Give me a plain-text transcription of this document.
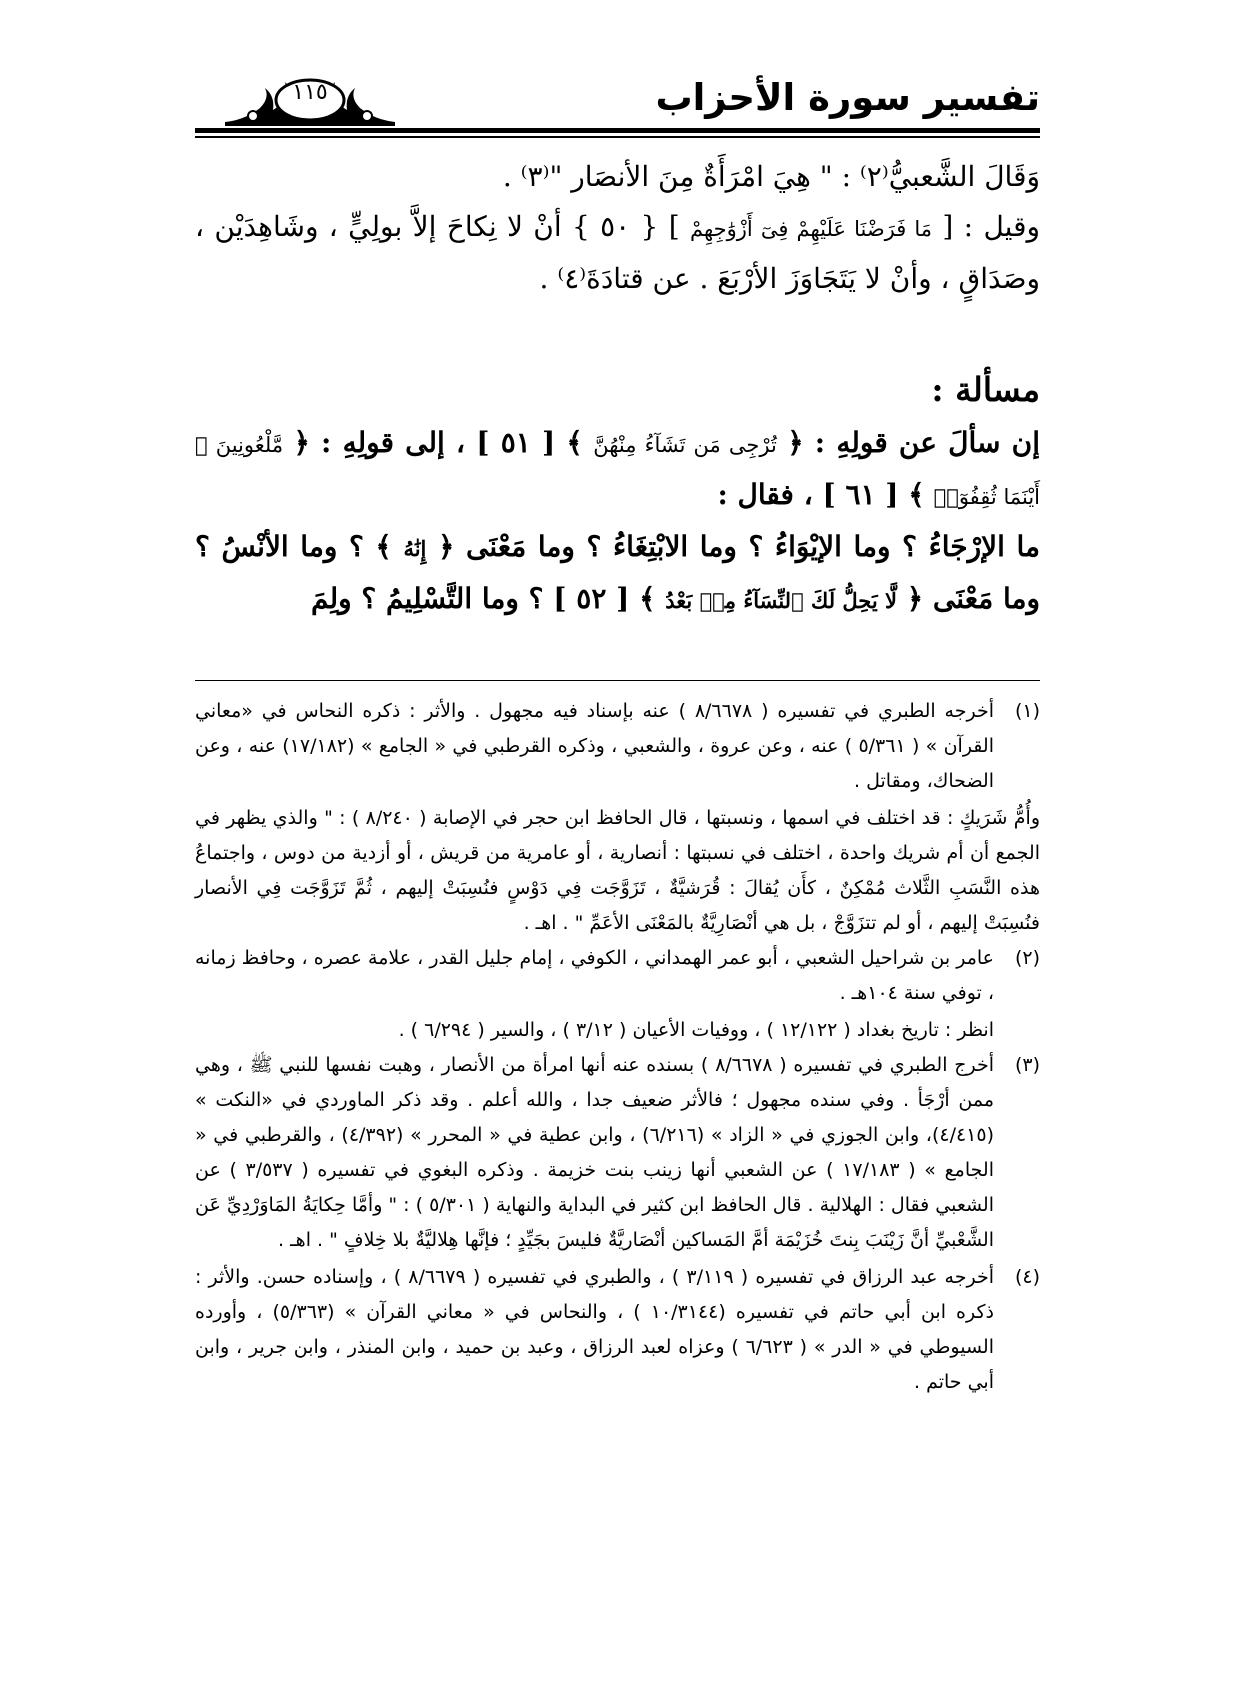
تفسير سورة الأحزاب
١١٥

وَقَالَ الشَّعبيُّ⁽٢⁾ : " هِيَ امْرَأَةٌ مِنَ الأنصَار "⁽٣⁾ .

وقيل : [ مَا فَرَضْنَا عَلَيْهِمْ فِىٓ أَزْوَٰجِهِمْ ] { ٥٠ } أنْ لا نِكاحَ إلاَّ بولِيٍّ ، وشَاهِدَيْن ، وصَدَاقٍ ، وأنْ لا يَتَجَاوَزَ الأرْبَعَ . عن قتادَةَ⁽٤⁾ .

مسألة :

إن سألَ عن قولِهِ : ﴿ تُرْجِى مَن تَشَآءُ مِنْهُنَّ ﴾ [ ٥١ ] ، إلى قولِهِ : ﴿ مَّلْعُونِينَ ۖ أَيْنَمَا ثُقِفُوٓا۟ ﴾ [ ٦١ ] ، فقال :

ما الإرْجَاءُ ؟ وما الإيْوَاءُ ؟ وما الابْتِغَاءُ ؟ وما مَعْنَى ﴿ إِنَٰهُ ﴾ ؟ وما الأنْسُ ؟ وما مَعْنَى ﴿ لَّا يَحِلُّ لَكَ ٱلنِّسَآءُ مِنۢ بَعْدُ ﴾ [ ٥٢ ] ؟ وما التَّسْلِيمُ ؟ ولِمَ

(١)
أخرجه الطبري في تفسيره ( ٨/٦٦٧٨ ) عنه بإسناد فيه مجهول . والأثر : ذكره النحاس في «معاني القرآن » ( ٥/٣٦١ ) عنه ، وعن عروة ، والشعبي ، وذكره القرطبي في « الجامع » (١٧/١٨٢) عنه ، وعن الضحاك، ومقاتل .

وأُمُّ شَرَيكٍ : قد اختلف في اسمها ، ونسبتها ، قال الحافظ ابن حجر في الإصابة ( ٨/٢٤٠ ) : " والذي يظهر في الجمع أن أم شريك واحدة ، اختلف في نسبتها : أنصارية ، أو عامرية من قريش ، أو أزدية من دوس ، واجتماعُ هذه النَّسَبِ الثَّلاث مُمْكِنٌ ، كأَن يُقالَ : قُرَشيَّةٌ ، تَزَوَّجَت فِي دَوْسٍ فنُسِبَتْ إليهم ، ثُمَّ تَزَوَّجَت فِي الأنصار فنُسِبَتْ إليهم ، أو لم تتزَوَّجْ ، بل هي أنْصَارِيَّةٌ بالمَعْنَى الأعَمِّ " . اهـ .

(٢)
عامر بن شراحيل الشعبي ، أبو عمر الهمداني ، الكوفي ، إمام جليل القدر ، علامة عصره ، وحافظ زمانه ، توفي سنة ١٠٤هـ .

انظر : تاريخ بغداد ( ١٢/١٢٢ ) ، ووفيات الأعيان ( ٣/١٢ ) ، والسير ( ٦/٢٩٤ ) .

(٣)
أخرج الطبري في تفسيره ( ٨/٦٦٧٨ ) بسنده عنه أنها امرأة من الأنصار ، وهبت نفسها للنبي ﷺ ، وهي ممن أرْجَأ . وفي سنده مجهول ؛ فالأثر ضعيف جدا ، والله أعلم . وقد ذكر الماوردي في «النكت » (٤/٤١٥)، وابن الجوزي في « الزاد » (٦/٢١٦) ، وابن عطية في « المحرر » (٤/٣٩٢) ، والقرطبي في « الجامع » ( ١٧/١٨٣ ) عن الشعبي أنها زينب بنت خزيمة . وذكره البغوي في تفسيره ( ٣/٥٣٧ ) عن الشعبي فقال : الهلالية . قال الحافظ ابن كثير في البداية والنهاية ( ٥/٣٠١ ) : " وأمَّا حِكايَةُ المَاوَرْدِيِّ عَن الشَّعْبيِّ أنَّ زَيْنَبَ بِنتَ خُزَيْمَة أمَّ المَساكين أنْصَاريَّةٌ فليسَ بجَيِّدٍ ؛ فإنَّها هِلاليَّةٌ بلا خِلافٍ " . اهـ .
(٤)
أخرجه عبد الرزاق في تفسيره ( ٣/١١٩ ) ، والطبري في تفسيره ( ٨/٦٦٧٩ ) ، وإسناده حسن. والأثر : ذكره ابن أبي حاتم في تفسيره (١٠/٣١٤٤ ) ، والنحاس في « معاني القرآن » (٥/٣٦٣) ، وأورده السيوطي في « الدر » ( ٦/٦٢٣ ) وعزاه لعبد الرزاق ، وعبد بن حميد ، وابن المنذر ، وابن جرير ، وابن أبي حاتم .
